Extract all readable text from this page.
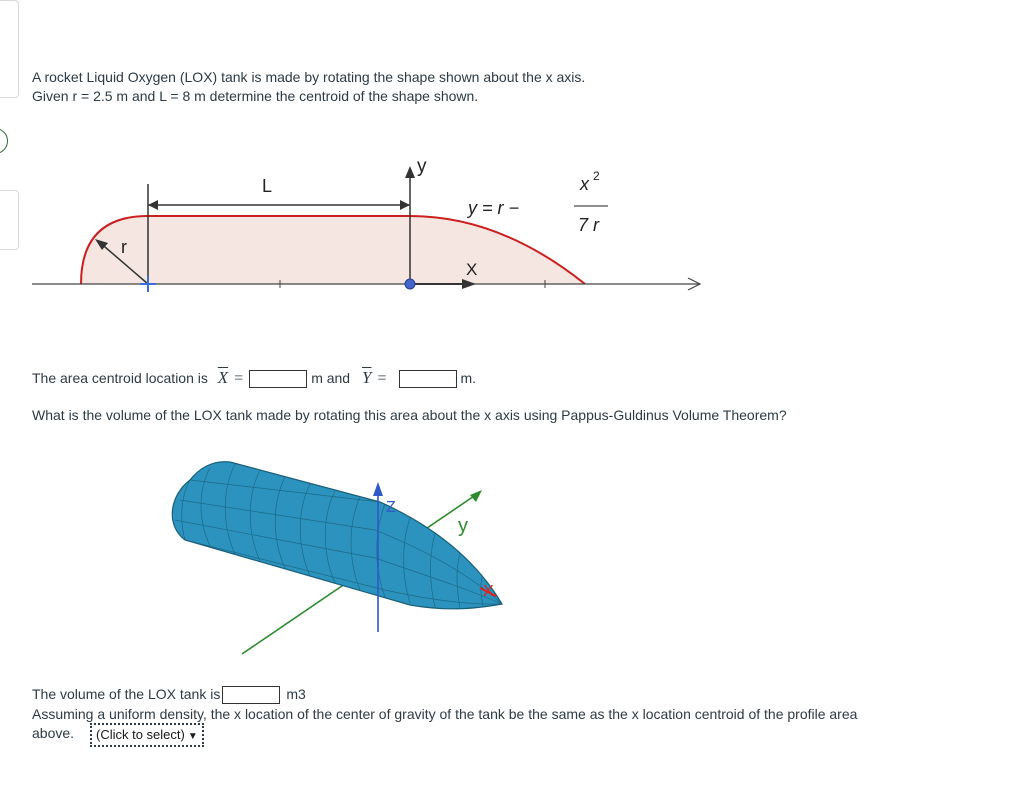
A rocket Liquid Oxygen (LOX) tank is made by rotating the shape shown about the x axis.
Given r = 2.5 m and L = 8 m determine the centroid of the shape shown.
L
y
r
X
y = r −
x 2
7 r
The area centroid location is $\overline{X}$ =	m and $\overline{Y}$ =	m.
What is the volume of the LOX tank made by rotating this area about the x axis using Pappus-Guldinus Volume Theorem?
Z
y
X
The volume of the LOX tank is	m3
Assuming a uniform density, the x location of the center of gravity of the tank be the same as the x location centroid of the profile area
above.	(Click to select) ▼
